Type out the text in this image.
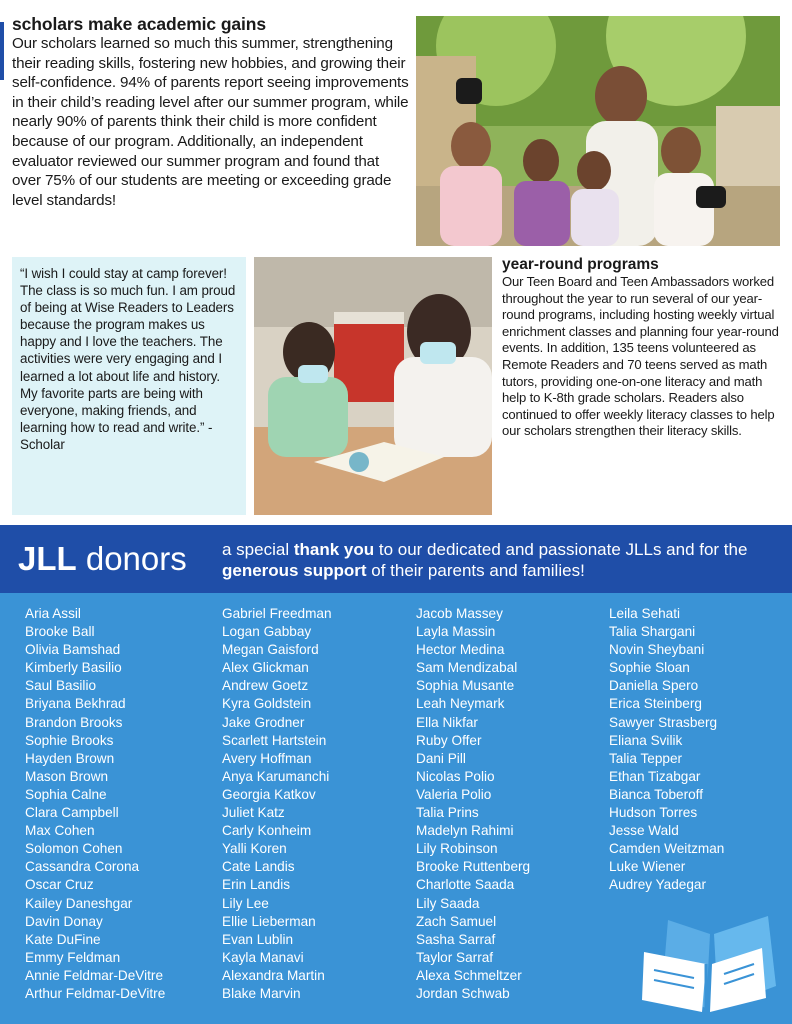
scholars make academic gains

Our scholars learned so much this summer, strengthening their reading skills, fostering new hobbies, and growing their self-confidence. 94% of parents report seeing improvements in their child’s reading level after our summer program, while nearly 90% of parents think their child is more confident because of our program. Additionally, an independent evaluator reviewed our summer program and found that over 75% of our students are meeting or exceeding grade level standards!

“I wish I could stay at camp forever! The class is so much fun. I am proud of being at Wise Readers to Leaders because the program makes us happy and I love the teachers. The activities were very engaging and I learned a lot about life and history. My favorite parts are being with everyone, making friends, and learning how to read and write.” - Scholar

year-round programs

Our Teen Board and Teen Ambassadors worked throughout the year to run several of our year-round programs, including hosting weekly virtual enrichment classes and planning four year-round events. In addition, 135 teens volunteered as Remote Readers and 70 teens served as math tutors, providing one-on-one literacy and math help to K-8th grade scholars. Readers also continued to offer weekly literacy classes to help our scholars strengthen their literacy skills.

JLL donors a special thank you to our dedicated and passionate JLLs and for the generous support of their parents and families!

Aria Assil
Brooke Ball
Olivia Bamshad
Kimberly Basilio
Saul Basilio
Briyana Bekhrad
Brandon Brooks
Sophie Brooks
Hayden Brown
Mason Brown
Sophia Calne
Clara Campbell
Max Cohen
Solomon Cohen
Cassandra Corona
Oscar Cruz
Kailey Daneshgar
Davin Donay
Kate DuFine
Emmy Feldman
Annie Feldmar-DeVitre
Arthur Feldmar-DeVitre
Gabriel Freedman
Logan Gabbay
Megan Gaisford
Alex Glickman
Andrew Goetz
Kyra Goldstein
Jake Grodner
Scarlett Hartstein
Avery Hoffman
Anya Karumanchi
Georgia Katkov
Juliet Katz
Carly Konheim
Yalli Koren
Cate Landis
Erin Landis
Lily Lee
Ellie Lieberman
Evan Lublin
Kayla Manavi
Alexandra Martin
Blake Marvin
Jacob Massey
Layla Massin
Hector Medina
Sam Mendizabal
Sophia Musante
Leah Neymark
Ella Nikfar
Ruby Offer
Dani Pill
Nicolas Polio
Valeria Polio
Talia Prins
Madelyn Rahimi
Lily Robinson
Brooke Ruttenberg
Charlotte Saada
Lily Saada
Zach Samuel
Sasha Sarraf
Taylor Sarraf
Alexa Schmeltzer
Jordan Schwab
Leila Sehati
Talia Shargani
Novin Sheybani
Sophie Sloan
Daniella Spero
Erica Steinberg
Sawyer Strasberg
Eliana Svilik
Talia Tepper
Ethan Tizabgar
Bianca Toberoff
Hudson Torres
Jesse Wald
Camden Weitzman
Luke Wiener
Audrey Yadegar
